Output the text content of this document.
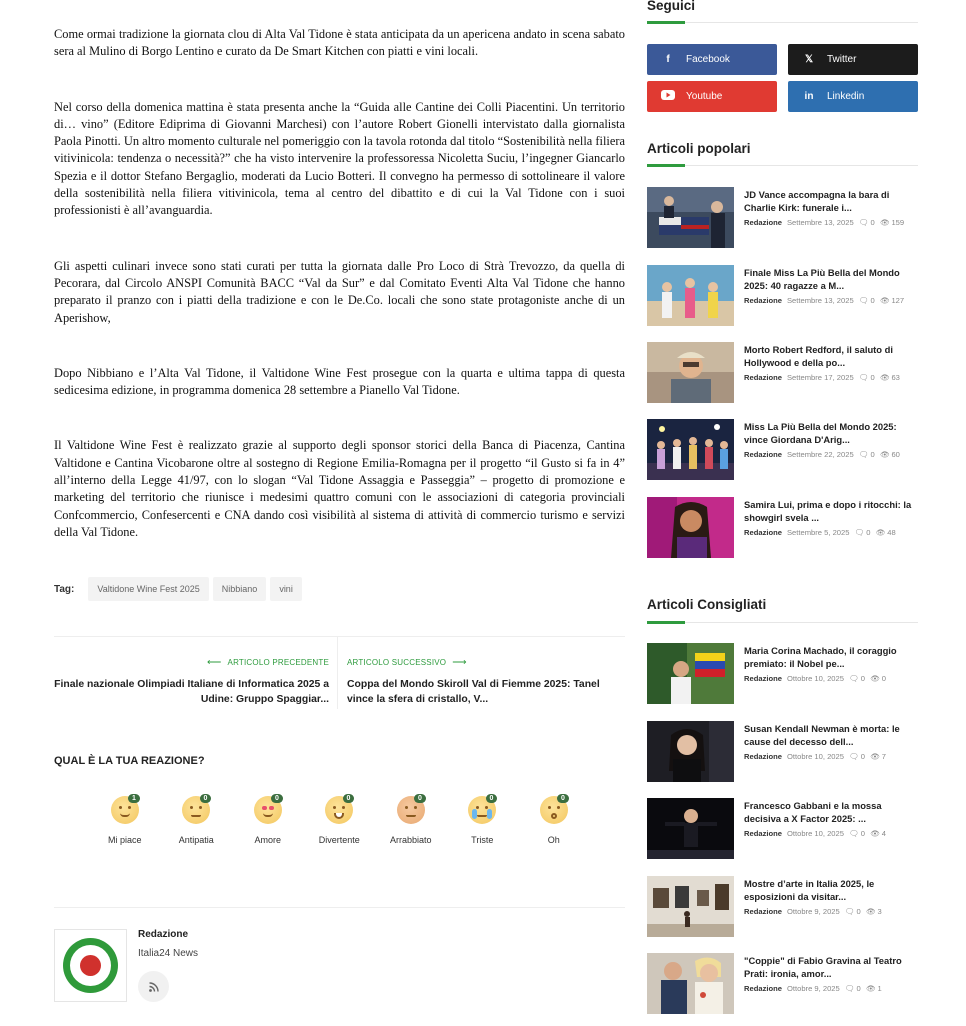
Come ormai tradizione la giornata clou di Alta Val Tidone è stata anticipata da un apericena andato in scena sabato sera al Mulino di Borgo Lentino e curato da De Smart Kitchen con piatti e vini locali.

Nel corso della domenica mattina è stata presenta anche la “Guida alle Cantine dei Colli Piacentini. Un territorio di… vino” (Editore Ediprima di Giovanni Marchesi) con l’autore Robert Gionelli intervistato dalla giornalista Paola Pinotti. Un altro momento culturale nel pomeriggio con la tavola rotonda dal titolo “Sostenibilità nella filiera vitivinicola: tendenza o necessità?” che ha visto intervenire la professoressa Nicoletta Suciu, l’ingegner Giancarlo Spezia e il dottor Stefano Bergaglio, moderati da Lucio Botteri. Il convegno ha permesso di sottolineare il valore della sostenibilità nella filiera vitivinicola, tema al centro del dibattito e di cui la Val Tidone con i suoi professionisti è all’avanguardia.

Gli aspetti culinari invece sono stati curati per tutta la giornata dalle Pro Loco di Strà Trevozzo, da quella di Pecorara, dal Circolo ANSPI Comunità BACC “Val da Sur” e dal Comitato Eventi Alta Val Tidone che hanno preparato il pranzo con i piatti della tradizione e con le De.Co. locali che sono state protagoniste anche di un Aperishow,

Dopo Nibbiano e l’Alta Val Tidone, il Valtidone Wine Fest prosegue con la quarta e ultima tappa di questa sedicesima edizione, in programma domenica 28 settembre a Pianello Val Tidone.

Il Valtidone Wine Fest è realizzato grazie al supporto degli sponsor storici della Banca di Piacenza, Cantina Valtidone e Cantina Vicobarone oltre al sostegno di Regione Emilia-Romagna per il progetto “il Gusto si fa in 4” all’interno della Legge 41/97, con lo slogan “Val Tidone Assaggia e Passeggia” – progetto di promozione e marketing del territorio che riunisce i medesimi quattro comuni con le associazioni di categoria provinciali Confcommercio, Confesercenti e CNA dando così visibilità al sistema di attività di commercio turismo e servizi della Val Tidone.

Tag:	Valtidone Wine Fest 2025	Nibbiano	vini
⟵ ARTICOLO PRECEDENTE
Finale nazionale Olimpiadi Italiane di Informatica 2025 a Udine: Gruppo Spaggiar...
ARTICOLO SUCCESSIVO ⟶
Coppa del Mondo Skiroll Val di Fiemme 2025: Tanel vince la sfera di cristallo, V...
QUAL È LA TUA REAZIONE?
1
Mi piace
0
Antipatia
0
Amore
0
Divertente
0
Arrabbiato
0
Triste
0
Oh
Redazione
Italia24 News
Seguici
f	Facebook	𝕏	Twitter
Youtube	in	Linkedin
Articoli popolari
JD Vance accompagna la bara di Charlie Kirk: funerale i...
Redazione Settembre 13, 2025 🗨 0 👁 159
Finale Miss La Più Bella del Mondo 2025: 40 ragazze a M...
Redazione Settembre 13, 2025 🗨 0 👁 127
Morto Robert Redford, il saluto di Hollywood e della po...
Redazione Settembre 17, 2025 🗨 0 👁 63
Miss La Più Bella del Mondo 2025: vince Giordana D'Arig...
Redazione Settembre 22, 2025 🗨 0 👁 60
Samira Lui, prima e dopo i ritocchi: la showgirl svela ...
Redazione Settembre 5, 2025 🗨 0 👁 48
Articoli Consigliati
Maria Corina Machado, il coraggio premiato: il Nobel pe...
Redazione Ottobre 10, 2025 🗨 0 👁 0
Susan Kendall Newman è morta: le cause del decesso dell...
Redazione Ottobre 10, 2025 🗨 0 👁 7
Francesco Gabbani e la mossa decisiva a X Factor 2025: ...
Redazione Ottobre 10, 2025 🗨 0 👁 4
Mostre d’arte in Italia 2025, le esposizioni da visitar...
Redazione Ottobre 9, 2025 🗨 0 👁 3
"Coppie" di Fabio Gravina al Teatro Prati: ironia, amor...
Redazione Ottobre 9, 2025 🗨 0 👁 1
